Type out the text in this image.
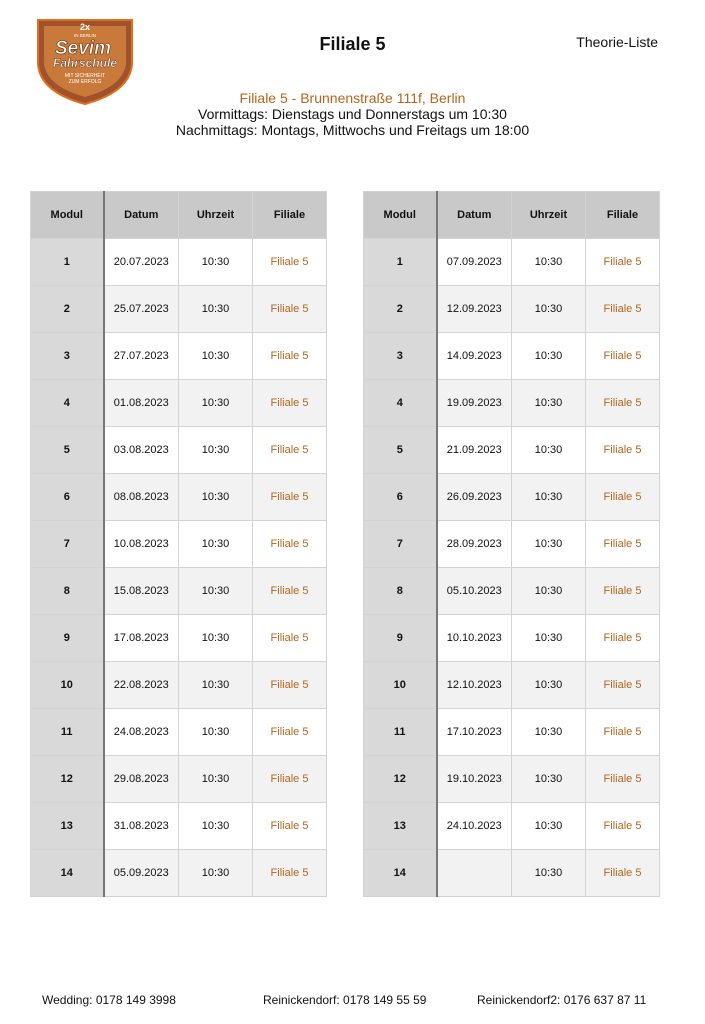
2x
IN BERLIN
Sevim
Fahrschule
MIT SICHERHEIT
ZUM ERFOLG
Filiale 5	Theorie-Liste
Filiale 5 - Brunnenstraße 111f, Berlin
Vormittags: Dienstags und Donnerstags um 10:30
Nachmittags: Montags, Mittwochs und Freitags um 18:00
Modul	Datum	Uhrzeit	Filiale
1	20.07.2023	10:30	Filiale 5
2	25.07.2023	10:30	Filiale 5
3	27.07.2023	10:30	Filiale 5
4	01.08.2023	10:30	Filiale 5
5	03.08.2023	10:30	Filiale 5
6	08.08.2023	10:30	Filiale 5
7	10.08.2023	10:30	Filiale 5
8	15.08.2023	10:30	Filiale 5
9	17.08.2023	10:30	Filiale 5
10	22.08.2023	10:30	Filiale 5
11	24.08.2023	10:30	Filiale 5
12	29.08.2023	10:30	Filiale 5
13	31.08.2023	10:30	Filiale 5
14	05.09.2023	10:30	Filiale 5
Modul	Datum	Uhrzeit	Filiale
1	07.09.2023	10:30	Filiale 5
2	12.09.2023	10:30	Filiale 5
3	14.09.2023	10:30	Filiale 5
4	19.09.2023	10:30	Filiale 5
5	21.09.2023	10:30	Filiale 5
6	26.09.2023	10:30	Filiale 5
7	28.09.2023	10:30	Filiale 5
8	05.10.2023	10:30	Filiale 5
9	10.10.2023	10:30	Filiale 5
10	12.10.2023	10:30	Filiale 5
11	17.10.2023	10:30	Filiale 5
12	19.10.2023	10:30	Filiale 5
13	24.10.2023	10:30	Filiale 5
14		10:30	Filiale 5
Wedding: 0178 149 3998	Reinickendorf: 0178 149 55 59	Reinickendorf2: 0176 637 87 11
